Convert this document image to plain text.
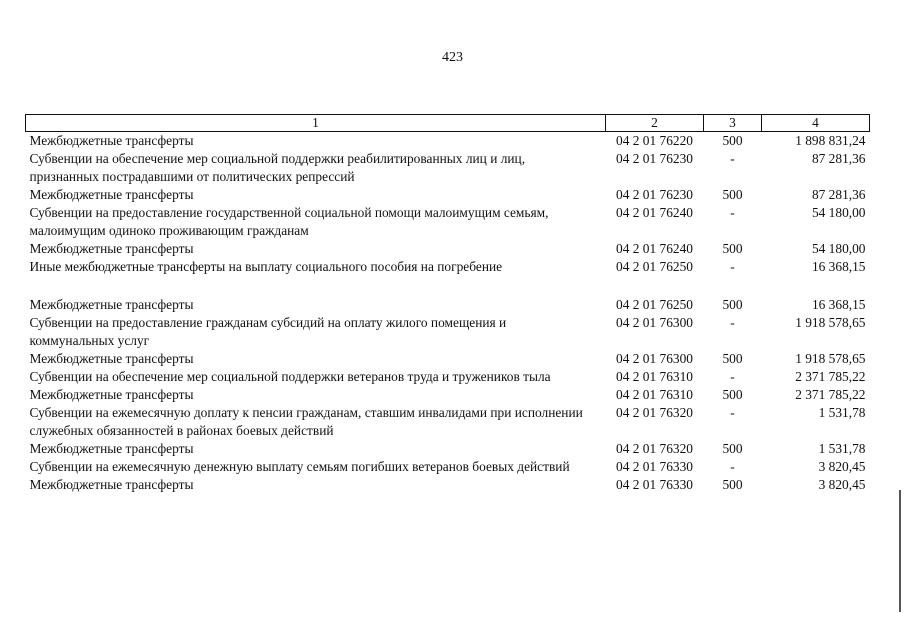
423
1	2	3	4
Межбюджетные трансферты	04 2 01 76220	500	1 898 831,24
Субвенции на обеспечение мер социальной поддержки реабилитированных лиц и лиц, признанных пострадавшими от политических репрессий	04 2 01 76230	-	87 281,36
Межбюджетные трансферты	04 2 01 76230	500	87 281,36
Субвенции на предоставление государственной социальной помощи малоимущим семьям, малоимущим одиноко проживающим гражданам	04 2 01 76240	-	54 180,00
Межбюджетные трансферты	04 2 01 76240	500	54 180,00
Иные межбюджетные трансферты на выплату социального пособия на погребение	04 2 01 76250	-	16 368,15
Межбюджетные трансферты	04 2 01 76250	500	16 368,15
Субвенции на предоставление гражданам субсидий на оплату жилого помещения и коммунальных услуг	04 2 01 76300	-	1 918 578,65
Межбюджетные трансферты	04 2 01 76300	500	1 918 578,65
Субвенции на обеспечение мер социальной поддержки ветеранов труда и тружеников тыла	04 2 01 76310	-	2 371 785,22
Межбюджетные трансферты	04 2 01 76310	500	2 371 785,22
Субвенции на ежемесячную доплату к пенсии гражданам, ставшим инвалидами при исполнении служебных обязанностей в районах боевых действий	04 2 01 76320	-	1 531,78
Межбюджетные трансферты	04 2 01 76320	500	1 531,78
Субвенции на ежемесячную денежную выплату семьям погибших ветеранов боевых действий	04 2 01 76330	-	3 820,45
Межбюджетные трансферты	04 2 01 76330	500	3 820,45
